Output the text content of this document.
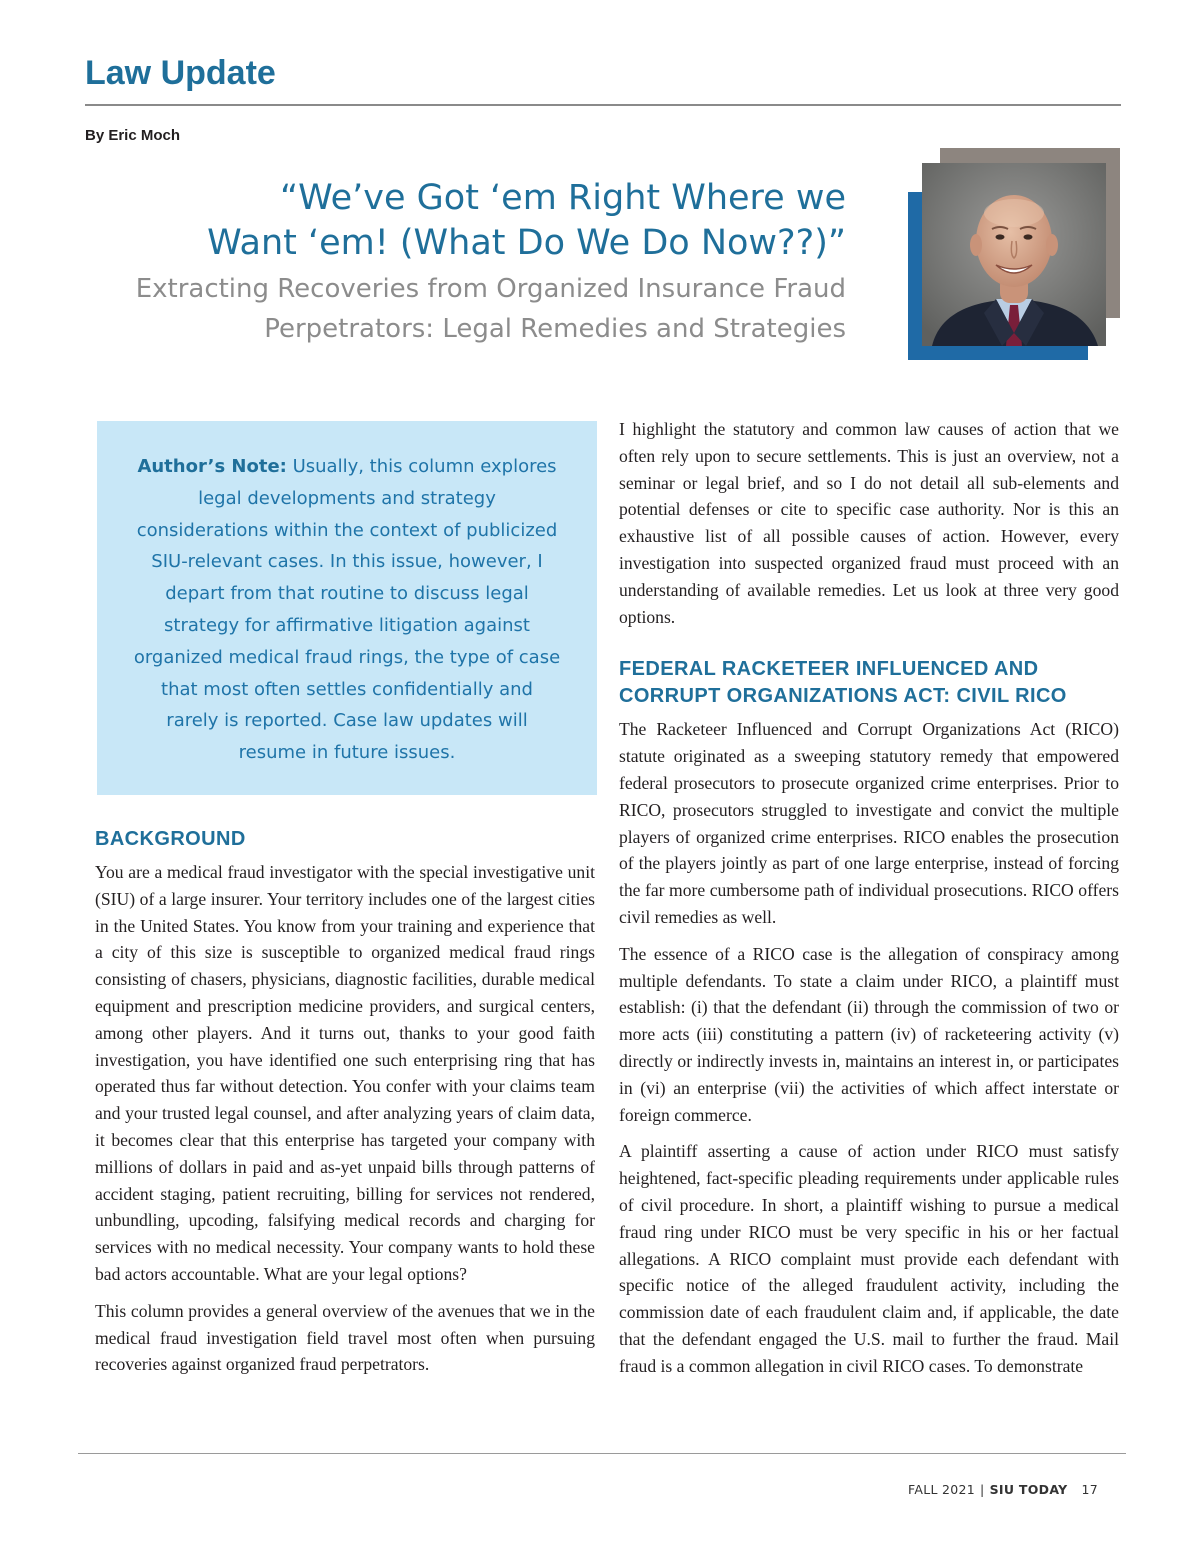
Law Update
By Eric Moch

“We’ve Got ‘em Right Where we
Want ‘em! (What Do We Do Now??)”

Extracting Recoveries from Organized Insurance Fraud
Perpetrators: Legal Remedies and Strategies

Author’s Note: Usually, this column explores legal developments and strategy considerations within the context of publicized SIU-relevant cases. In this issue, however, I depart from that routine to discuss legal strategy for affirmative litigation against organized medical fraud rings, the type of case that most often settles confidentially and rarely is reported. Case law updates will resume in future issues.

BACKGROUND

You are a medical fraud investigator with the special investigative unit (SIU) of a large insurer. Your territory includes one of the largest cities in the United States. You know from your training and experience that a city of this size is susceptible to organized medical fraud rings consisting of chasers, physicians, diagnostic facilities, durable medical equipment and prescription medicine providers, and surgical centers, among other players. And it turns out, thanks to your good faith investigation, you have identified one such enterprising ring that has operated thus far without detection. You confer with your claims team and your trusted legal counsel, and after analyzing years of claim data, it becomes clear that this enterprise has targeted your company with millions of dollars in paid and as-yet unpaid bills through patterns of accident staging, patient recruiting, billing for services not rendered, unbundling, upcoding, falsifying medical records and charging for services with no medical necessity. Your company wants to hold these bad actors accountable. What are your legal options?

This column provides a general overview of the avenues that we in the medical fraud investigation field travel most often when pursuing recoveries against organized fraud perpetrators.

I highlight the statutory and common law causes of action that we often rely upon to secure settlements. This is just an overview, not a seminar or legal brief, and so I do not detail all sub-elements and potential defenses or cite to specific case authority. Nor is this an exhaustive list of all possible causes of action. However, every investigation into suspected organized fraud must proceed with an understanding of available remedies. Let us look at three very good options.

FEDERAL RACKETEER INFLUENCED AND CORRUPT ORGANIZATIONS ACT: CIVIL RICO

The Racketeer Influenced and Corrupt Organizations Act (RICO) statute originated as a sweeping statutory remedy that empowered federal prosecutors to prosecute organized crime enterprises. Prior to RICO, prosecutors struggled to investigate and convict the multiple players of organized crime enterprises. RICO enables the prosecution of the players jointly as part of one large enterprise, instead of forcing the far more cumbersome path of individual prosecutions. RICO offers civil remedies as well.

The essence of a RICO case is the allegation of conspiracy among multiple defendants. To state a claim under RICO, a plaintiff must establish: (i) that the defendant (ii) through the commission of two or more acts (iii) constituting a pattern (iv) of racketeering activity (v) directly or indirectly invests in, maintains an interest in, or participates in (vi) an enterprise (vii) the activities of which affect interstate or foreign commerce.

A plaintiff asserting a cause of action under RICO must satisfy heightened, fact-specific pleading requirements under applicable rules of civil procedure. In short, a plaintiff wishing to pursue a medical fraud ring under RICO must be very specific in his or her factual allegations. A RICO complaint must provide each defendant with specific notice of the alleged fraudulent activity, including the commission date of each fraudulent claim and, if applicable, the date that the defendant engaged the U.S. mail to further the fraud. Mail fraud is a common allegation in civil RICO cases. To demonstrate

FALL 2021 | SIU TODAY 17
